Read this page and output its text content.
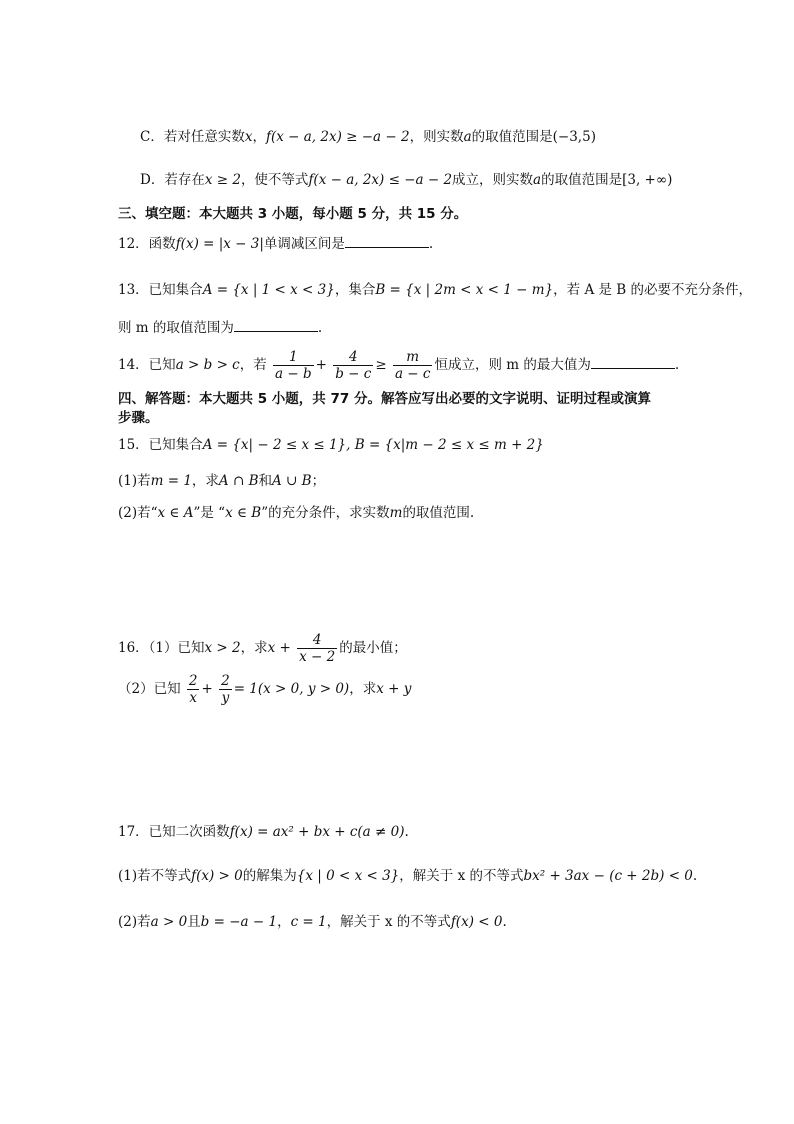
C．若对任意实数x，f(x − a, 2x) ≥ −a − 2，则实数a的取值范围是(−3,5)
D．若存在x ≥ 2，使不等式f(x − a, 2x) ≤ −a − 2成立，则实数a的取值范围是[3, +∞)
三、填空题：本大题共 3 小题，每小题 5 分，共 15 分。
12．函数f(x) = |x − 3|单调减区间是	.
13．已知集合A = {x | 1 < x < 3}，集合B = {x | 2m < x < 1 − m}，若 A 是 B 的必要不充分条件，
则 m 的取值范围为	.
14．已知a > b > c，若 $\frac{1}{a - b} + \frac{4}{b - c} \ge \frac{m}{a - c}$ 恒成立，则 m 的最大值为	.
四、解答题：本大题共 5 小题，共 77 分。解答应写出必要的文字说明、证明过程或演算
步骤。
15．已知集合A = {x| − 2 ≤ x ≤ 1}, B = {x|m − 2 ≤ x ≤ m + 2}
(1)若m = 1，求A ∩ B和A ∪ B；
(2)若“x ∈ A”是 “x ∈ B”的充分条件，求实数m的取值范围.
16．（1）已知x > 2，求$x + \frac{4}{x - 2}$ 的最小值；
（2）已知 $\frac{2}{x} + \frac{2}{y} = 1(x > 0$, y > 0)，求x + y
17．已知二次函数f(x) = ax² + bx + c(a ≠ 0).
(1)若不等式f(x) > 0的解集为{x | 0 < x < 3}，解关于 x 的不等式bx² + 3ax − (c + 2b) < 0.
(2)若a > 0且b = −a − 1，c = 1，解关于 x 的不等式f(x) < 0.
